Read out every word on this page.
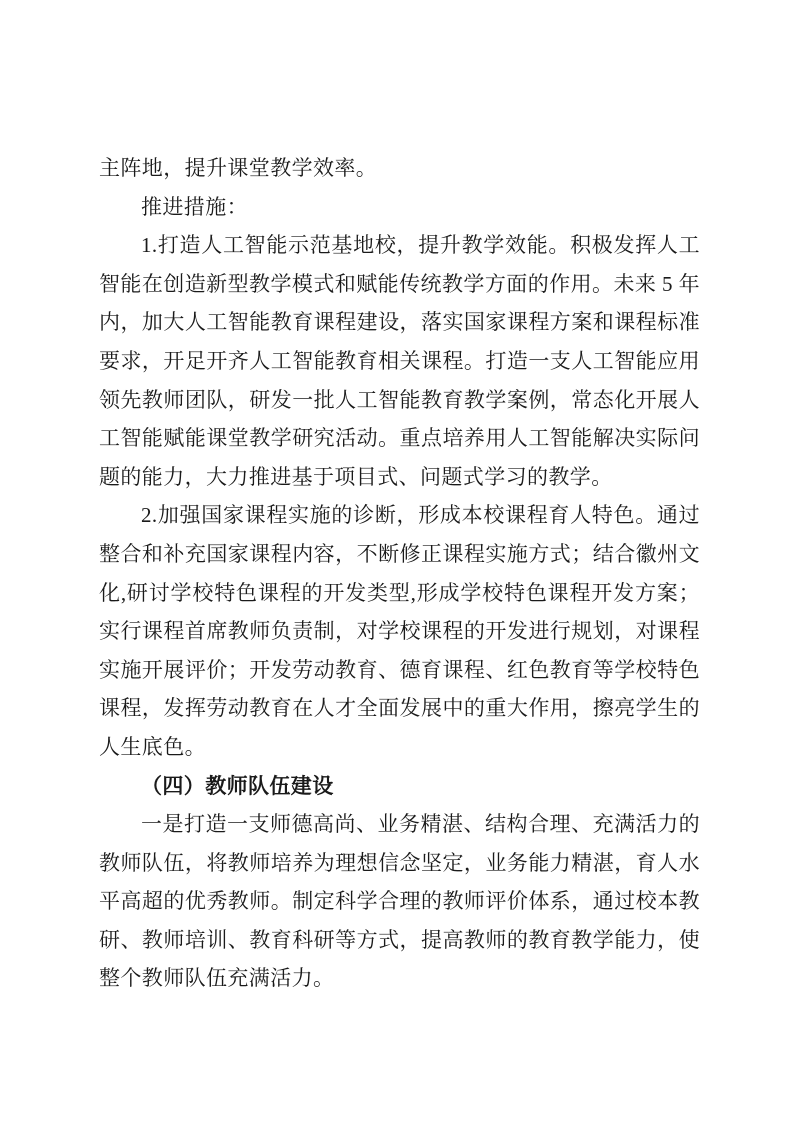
主阵地，提升课堂教学效率。

推进措施：

1.打造人工智能示范基地校，提升教学效能。积极发挥人工智能在创造新型教学模式和赋能传统教学方面的作用。未来 5 年内，加大人工智能教育课程建设，落实国家课程方案和课程标准要求，开足开齐人工智能教育相关课程。打造一支人工智能应用领先教师团队，研发一批人工智能教育教学案例，常态化开展人工智能赋能课堂教学研究活动。重点培养用人工智能解决实际问题的能力，大力推进基于项目式、问题式学习的教学。

2.加强国家课程实施的诊断，形成本校课程育人特色。通过整合和补充国家课程内容，不断修正课程实施方式；结合徽州文化,研讨学校特色课程的开发类型,形成学校特色课程开发方案；实行课程首席教师负责制，对学校课程的开发进行规划，对课程实施开展评价；开发劳动教育、德育课程、红色教育等学校特色课程，发挥劳动教育在人才全面发展中的重大作用，擦亮学生的人生底色。

（四）教师队伍建设

一是打造一支师德高尚、业务精湛、结构合理、充满活力的教师队伍，将教师培养为理想信念坚定，业务能力精湛，育人水平高超的优秀教师。制定科学合理的教师评价体系，通过校本教研、教师培训、教育科研等方式，提高教师的教育教学能力，使整个教师队伍充满活力。
